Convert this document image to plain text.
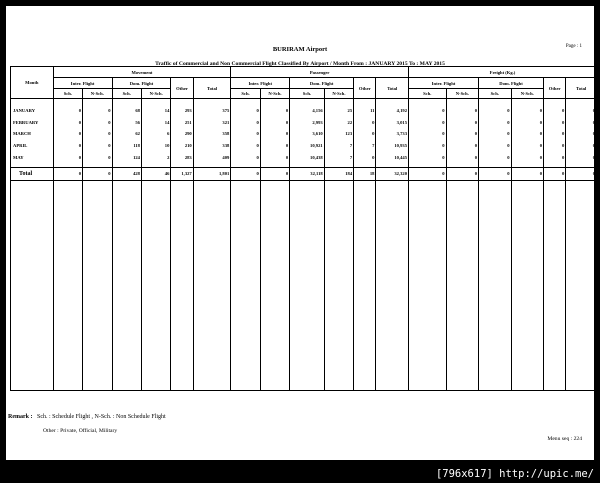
Page : 1
BURIRAM Airport
Traffic of Commercial and Non Commercial Flight Classified By Airport / Month From : JANUARY 2015 To : MAY 2015
Month	Movement						Passenger						Freight (Kg.)					
	Inter. Flight		Dom. Flight		Other	Total	Inter. Flight		Dom. Flight		Other	Total	Inter. Flight		Dom. Flight		Other	Total
	Sch.	N-Sch.	Sch.	N-Sch.			Sch.	N-Sch.	Sch.	N-Sch.			Sch.	N-Sch.	Sch.	N-Sch.		
JANUARY	0	0	68	14	293	375	0	0	4,156	25	11	4,192	0	0	0	0	0	0
FEBRUARY	0	0	56	14	251	321	0	0	2,993	22	0	3,015	0	0	0	0	0	0
MARCH	0	0	62	6	290	358	0	0	3,610	123	0	3,733	0	0	0	0	0	0
APRIL	0	0	118	10	210	338	0	0	10,921	7	7	10,935	0	0	0	0	0	0
MAY	0	0	124	2	283	409	0	0	10,438	7	0	10,445	0	0	0	0	0	0

Total	0	0	428	46	1,327	1,801	0	0	32,118	184	18	32,320	0	0	0	0	0	0

Remark : Sch. : Schedule Flight , N-Sch. : Non Schedule Flight
Other : Private, Official, Military
Menu seq : 224
[796x617] http://upic.me/
